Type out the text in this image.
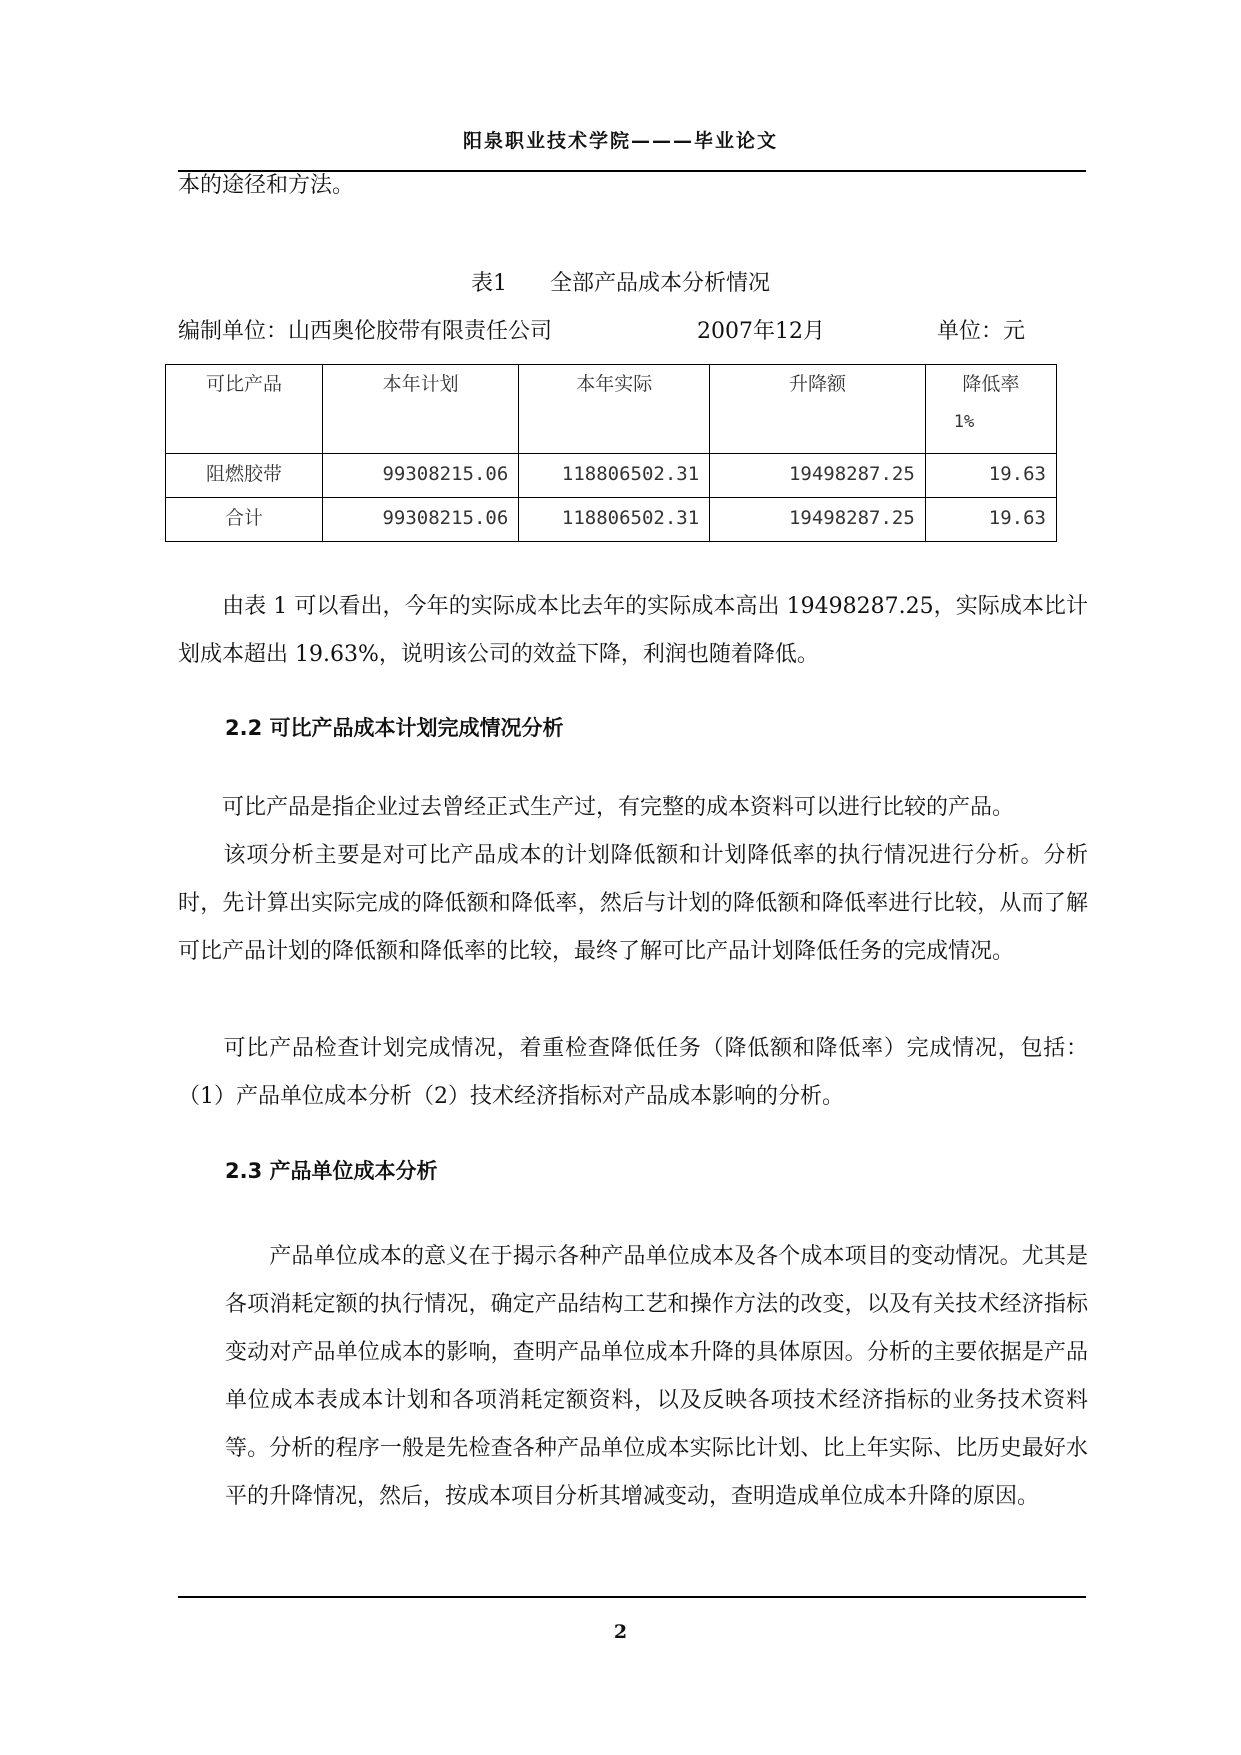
阳泉职业技术学院———毕业论文
本的途径和方法。
表1 全部产品成本分析情况
编制单位：山西奥伦胶带有限责任公司	2007年12月	单位：元
可比产品	本年计划	本年实际	升降额	降低率
1%

阻燃胶带	99308215.06	118806502.31	19498287.25	19.63
合计	99308215.06	118806502.31	19498287.25	19.63
　　由表 1 可以看出，今年的实际成本比去年的实际成本高出 19498287.25，实际成本比计划成本超出 19.63%，说明该公司的效益下降，利润也随着降低。
2.2 可比产品成本计划完成情况分析
　　可比产品是指企业过去曾经正式生产过，有完整的成本资料可以进行比较的产品。
　　该项分析主要是对可比产品成本的计划降低额和计划降低率的执行情况进行分析。分析时，先计算出实际完成的降低额和降低率，然后与计划的降低额和降低率进行比较，从而了解可比产品计划的降低额和降低率的比较，最终了解可比产品计划降低任务的完成情况。
　　可比产品检查计划完成情况，着重检查降低任务（降低额和降低率）完成情况，包括：（1）产品单位成本分析（2）技术经济指标对产品成本影响的分析。
2.3 产品单位成本分析
　　产品单位成本的意义在于揭示各种产品单位成本及各个成本项目的变动情况。尤其是各项消耗定额的执行情况，确定产品结构工艺和操作方法的改变，以及有关技术经济指标变动对产品单位成本的影响，查明产品单位成本升降的具体原因。分析的主要依据是产品单位成本表成本计划和各项消耗定额资料，以及反映各项技术经济指标的业务技术资料等。分析的程序一般是先检查各种产品单位成本实际比计划、比上年实际、比历史最好水平的升降情况，然后，按成本项目分析其增减变动，查明造成单位成本升降的原因。
2
